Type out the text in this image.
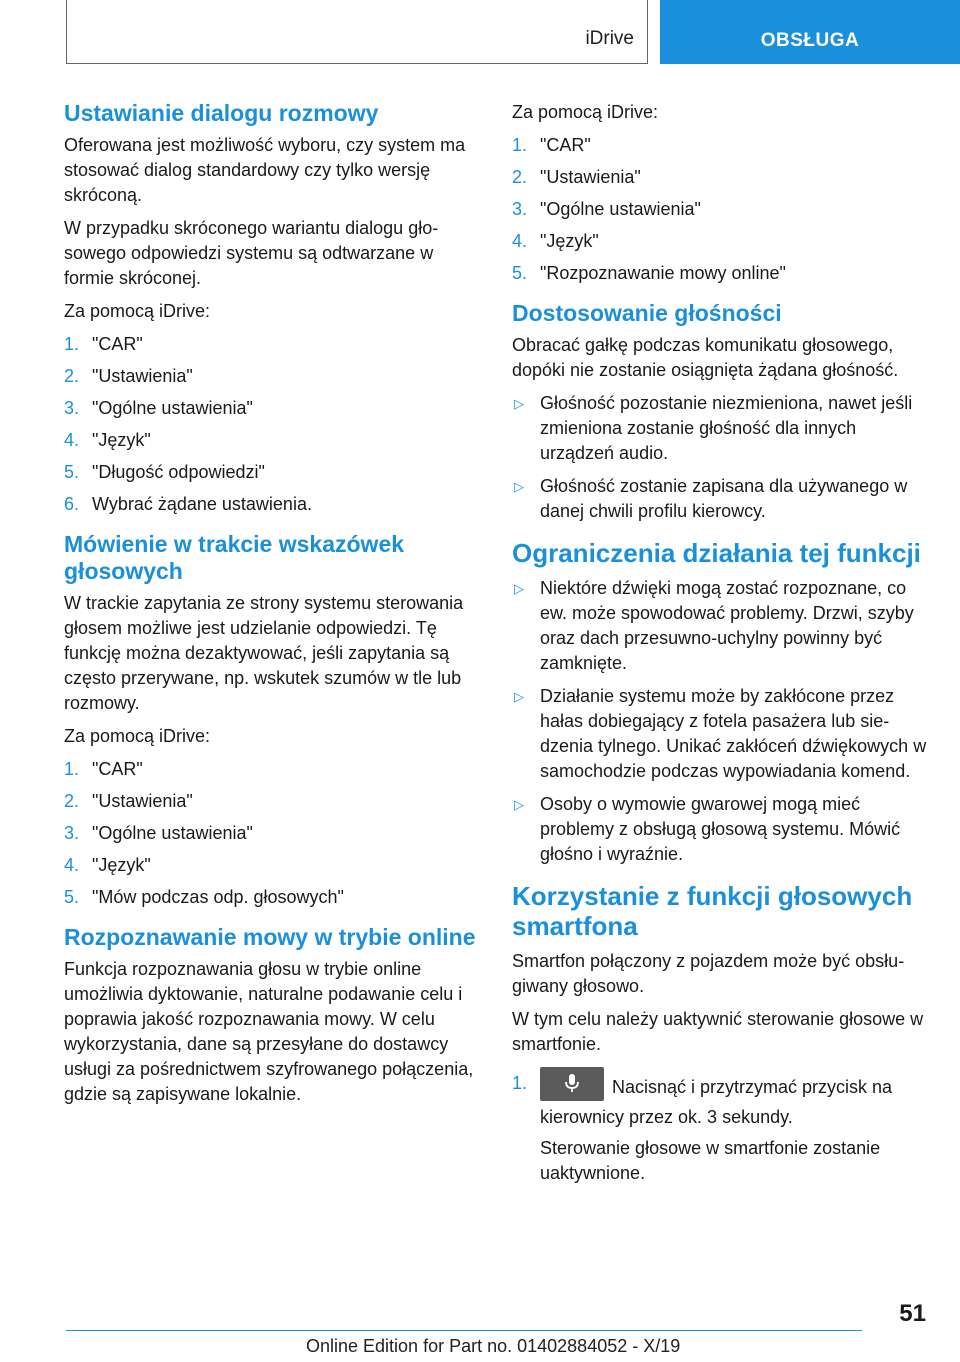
iDrive	OBSŁUGA
Ustawianie dialogu rozmowy

Oferowana jest możliwość wyboru, czy system ma stosować dialog standardowy czy tylko wersję skróconą.

W przypadku skróconego wariantu dialogu głosowego odpowiedzi systemu są odtwarzane w formie skróconej.

Za pomocą iDrive:

1. "CAR"
2. "Ustawienia"
3. "Ogólne ustawienia"
4. "Język"
5. "Długość odpowiedzi"
6. Wybrać żądane ustawienia.
Mówienie w trakcie wskazówek głosowych

W trackie zapytania ze strony systemu sterowania głosem możliwe jest udzielanie odpowiedzi. Tę funkcję można dezaktywować, jeśli zapytania są często przerywane, np. wskutek szumów w tle lub rozmowy.

Za pomocą iDrive:

1. "CAR"
2. "Ustawienia"
3. "Ogólne ustawienia"
4. "Język"
5. "Mów podczas odp. głosowych"
Rozpoznawanie mowy w trybie online

Funkcja rozpoznawania głosu w trybie online umożliwia dyktowanie, naturalne podawanie celu i poprawia jakość rozpoznawania mowy. W celu wykorzystania, dane są przesyłane do dostawcy usługi za pośrednictwem szyfrowanego połączenia, gdzie są zapisywane lokalnie.

Za pomocą iDrive:

1. "CAR"
2. "Ustawienia"
3. "Ogólne ustawienia"
4. "Język"
5. "Rozpoznawanie mowy online"
Dostosowanie głośności

Obracać gałkę podczas komunikatu głosowego, dopóki nie zostanie osiągnięta żądana głośność.

▷ Głośność pozostanie niezmieniona, nawet jeśli zmieniona zostanie głośność dla innych urządzeń audio.
▷ Głośność zostanie zapisana dla używanego w danej chwili profilu kierowcy.
Ograniczenia działania tej funkcji
▷ Niektóre dźwięki mogą zostać rozpoznane, co ew. może spowodować problemy. Drzwi, szyby oraz dach przesuwno-uchylny powinny być zamknięte.
▷ Działanie systemu może by zakłócone przez hałas dobiegający z fotela pasażera lub siedzenia tylnego. Unikać zakłóceń dźwiękowych w samochodzie podczas wypowiadania komend.
▷ Osoby o wymowie gwarowej mogą mieć problemy z obsługą głosową systemu. Mówić głośno i wyraźnie.
Korzystanie z funkcji głosowych smartfona

Smartfon połączony z pojazdem może być obsługiwany głosowo.

W tym celu należy uaktywnić sterowanie głosowe w smartfonie.

1.	Nacisnąć i przytrzymać przycisk na kierownicy przez ok. 3 sekundy.

Sterowanie głosowe w smartfonie zostanie uaktywnione.

51
Online Edition for Part no. 01402884052 - X/19
